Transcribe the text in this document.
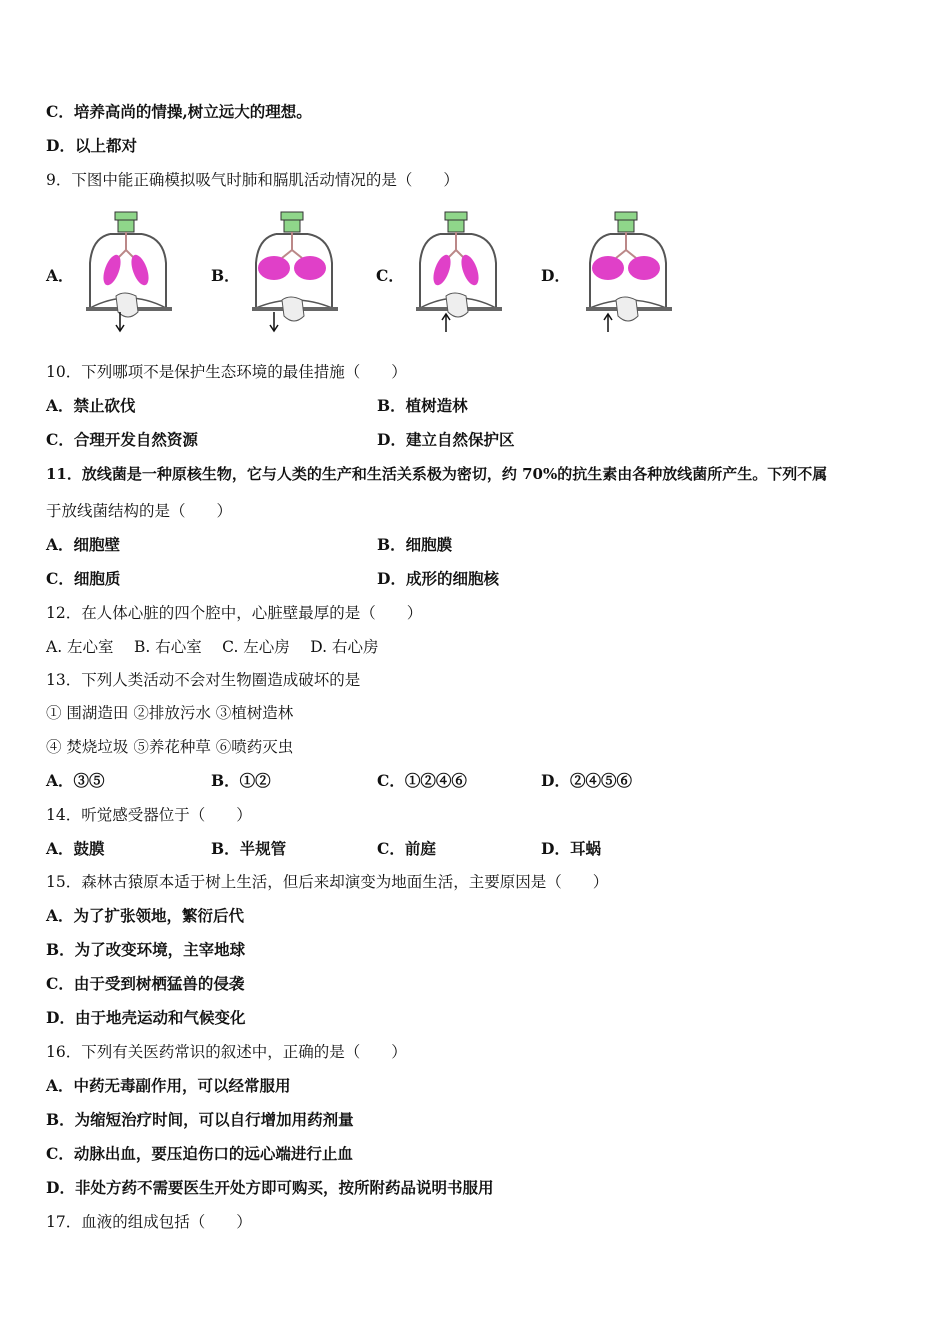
C．培养高尚的情操,树立远大的理想。
D．以上都对
9．下图中能正确模拟吸气时肺和膈肌活动情况的是（　　）
A．	B．	C．	D．
10．下列哪项不是保护生态环境的最佳措施（　　）
A．禁止砍伐	B．植树造林
C．合理开发自然资源	D．建立自然保护区
11．放线菌是一种原核生物，它与人类的生产和生活关系极为密切，约 70%的抗生素由各种放线菌所产生。下列不属
于放线菌结构的是（　　）
A．细胞壁	B．细胞膜
C．细胞质	D．成形的细胞核
12．在人体心脏的四个腔中，心脏壁最厚的是（　　）
A. 左心室　 B. 右心室　 C. 左心房　 D. 右心房
13．下列人类活动不会对生物圈造成破坏的是
① 围湖造田 ②排放污水 ③植树造林
④ 焚烧垃圾 ⑤养花种草 ⑥喷药灭虫
A．③⑤	B．①②	C．①②④⑥	D．②④⑤⑥
14．听觉感受器位于（　　）
A．鼓膜	B．半规管	C．前庭	D．耳蜗
15．森林古猿原本适于树上生活，但后来却演变为地面生活，主要原因是（　　）
A．为了扩张领地，繁衍后代
B．为了改变环境，主宰地球
C．由于受到树栖猛兽的侵袭
D．由于地壳运动和气候变化
16．下列有关医药常识的叙述中，正确的是（　　）
A．中药无毒副作用，可以经常服用
B．为缩短治疗时间，可以自行增加用药剂量
C．动脉出血，要压迫伤口的远心端进行止血
D．非处方药不需要医生开处方即可购买，按所附药品说明书服用
17．血液的组成包括（　　）
